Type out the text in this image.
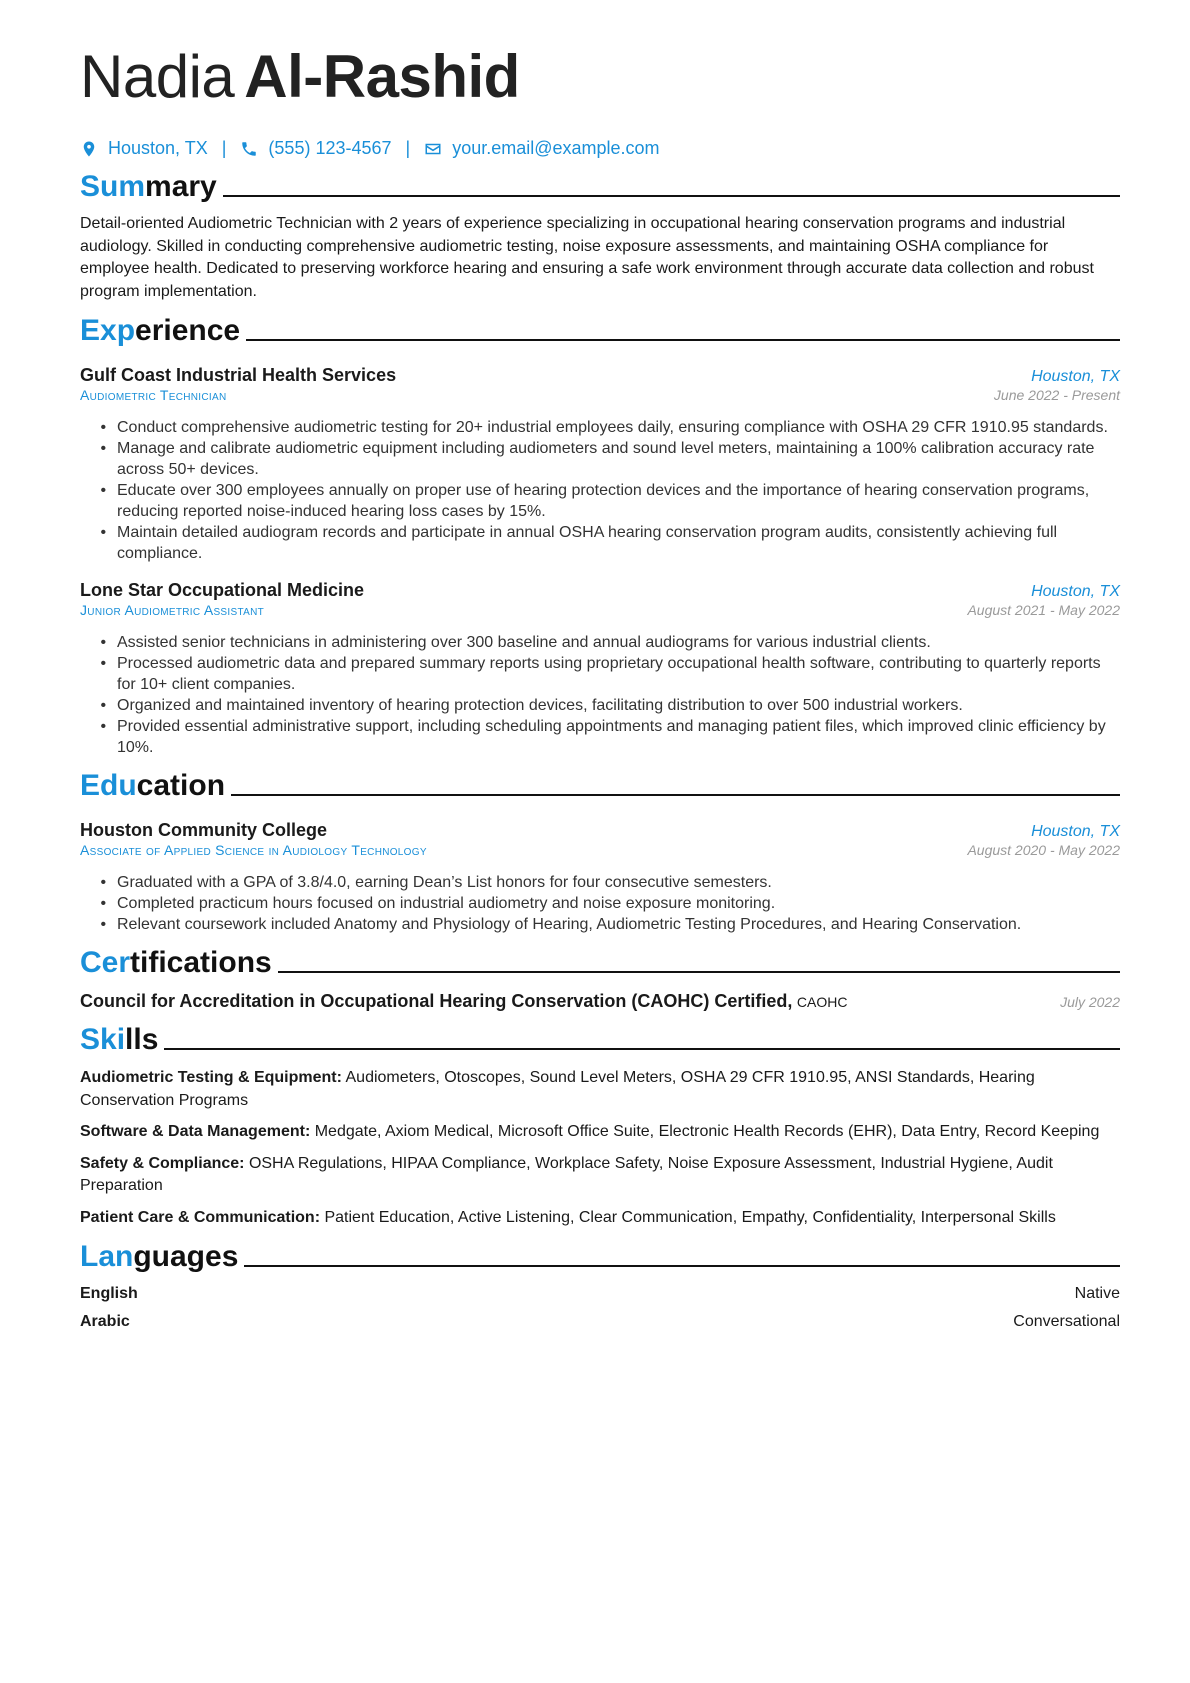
Nadia Al-Rashid
Houston, TX | (555) 123-4567 | your.email@example.com
Summary

Detail-oriented Audiometric Technician with 2 years of experience specializing in occupational hearing conservation programs and industrial audiology. Skilled in conducting comprehensive audiometric testing, noise exposure assessments, and maintaining OSHA compliance for employee health. Dedicated to preserving workforce hearing and ensuring a safe work environment through accurate data collection and robust program implementation.

Experience
Gulf Coast Industrial Health Services	Houston, TX
Audiometric Technician	June 2022 - Present
• Conduct comprehensive audiometric testing for 20+ industrial employees daily, ensuring compliance with OSHA 29 CFR 1910.95 standards.
• Manage and calibrate audiometric equipment including audiometers and sound level meters, maintaining a 100% calibration accuracy rate across 50+ devices.
• Educate over 300 employees annually on proper use of hearing protection devices and the importance of hearing conservation programs, reducing reported noise-induced hearing loss cases by 15%.
• Maintain detailed audiogram records and participate in annual OSHA hearing conservation program audits, consistently achieving full compliance.
Lone Star Occupational Medicine	Houston, TX
Junior Audiometric Assistant	August 2021 - May 2022
• Assisted senior technicians in administering over 300 baseline and annual audiograms for various industrial clients.
• Processed audiometric data and prepared summary reports using proprietary occupational health software, contributing to quarterly reports for 10+ client companies.
• Organized and maintained inventory of hearing protection devices, facilitating distribution to over 500 industrial workers.
• Provided essential administrative support, including scheduling appointments and managing patient files, which improved clinic efficiency by 10%.
Education
Houston Community College	Houston, TX
Associate of Applied Science in Audiology Technology	August 2020 - May 2022
• Graduated with a GPA of 3.8/4.0, earning Dean’s List honors for four consecutive semesters.
• Completed practicum hours focused on industrial audiometry and noise exposure monitoring.
• Relevant coursework included Anatomy and Physiology of Hearing, Audiometric Testing Procedures, and Hearing Conservation.
Certifications
Council for Accreditation in Occupational Hearing Conservation (CAOHC) Certified, CAOHC	July 2022
Skills
Audiometric Testing & Equipment: Audiometers, Otoscopes, Sound Level Meters, OSHA 29 CFR 1910.95, ANSI Standards, Hearing Conservation Programs
Software & Data Management: Medgate, Axiom Medical, Microsoft Office Suite, Electronic Health Records (EHR), Data Entry, Record Keeping
Safety & Compliance: OSHA Regulations, HIPAA Compliance, Workplace Safety, Noise Exposure Assessment, Industrial Hygiene, Audit Preparation
Patient Care & Communication: Patient Education, Active Listening, Clear Communication, Empathy, Confidentiality, Interpersonal Skills
Languages
English	Native
Arabic	Conversational
